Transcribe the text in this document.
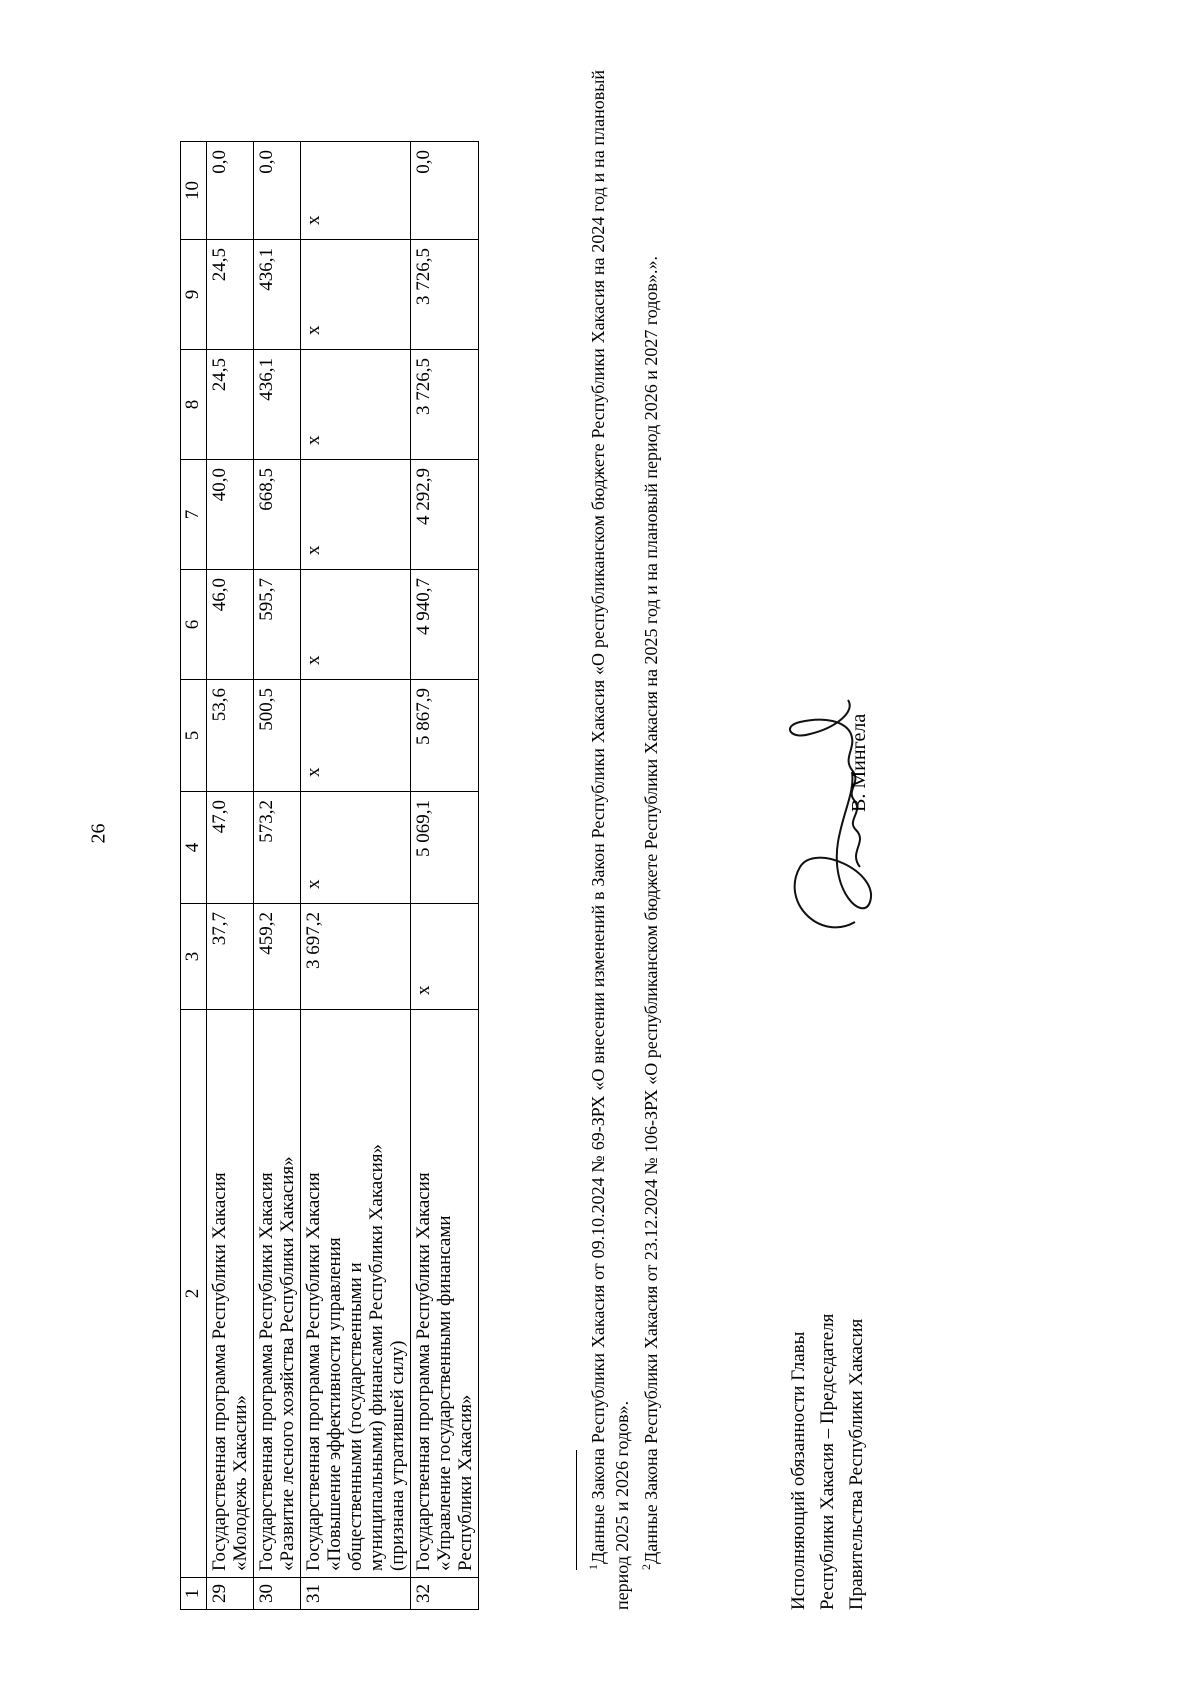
26
1	2	3	4	5	6	7	8	9	10
29	Государственная программа Республики Хакасия «Молодежь Хакасии»	37,7	47,0	53,6	46,0	40,0	24,5	24,5	0,0
30	Государственная программа Республики Хакасия «Развитие лесного хозяйства Республики Хакасия»	459,2	573,2	500,5	595,7	668,5	436,1	436,1	0,0
31	Государственная программа Республики Хакасия «Повышение эффективности управления общественными (государственными и муниципальными) финансами Республики Хакасия» (признана утратившей силу)	3 697,2	x	x	x	x	x	x	x
32	Государственная программа Республики Хакасия «Управление государственными финансами Республики Хакасия»	x	5 069,1	5 867,9	4 940,7	4 292,9	3 726,5	3 726,5	0,0

$^1$Данные Закона Республики Хакасия от 09.10.2024 № 69-ЗРХ «О внесении изменений в Закон Республики Хакасия «О республиканском бюджете Республики Хакасия на 2024 год и на плановый период 2025 и 2026 годов». $^2$Данные Закона Республики Хакасия от 23.12.2024 № 106-ЗРХ «О республиканском бюджете Республики Хакасия на 2025 год и на плановый период 2026 и 2027 годов».».	Исполняющий обязанности Главы Республики Хакасия – Председателя Правительства Республики Хакасия
В. Мингела
